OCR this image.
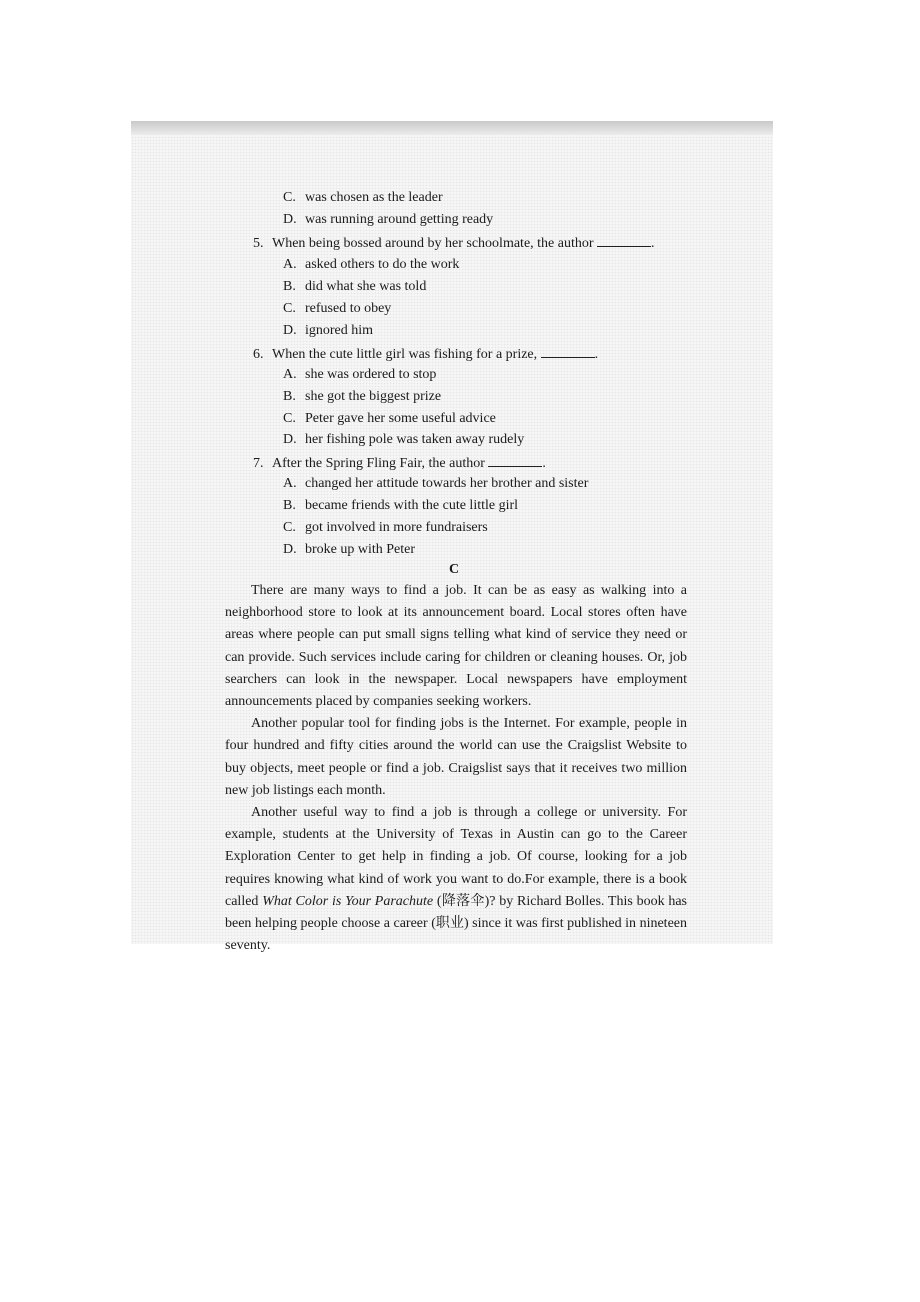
C. was chosen as the leader
D. was running around getting ready
5. When being bossed around by her schoolmate, the author	.
A. asked others to do the work
B. did what she was told
C. refused to obey
D. ignored him
6. When the cute little girl was fishing for a prize,	.
A. she was ordered to stop
B. she got the biggest prize
C. Peter gave her some useful advice
D. her fishing pole was taken away rudely
7. After the Spring Fling Fair, the author	.
A. changed her attitude towards her brother and sister
B. became friends with the cute little girl
C. got involved in more fundraisers
D. broke up with Peter
C

There are many ways to find a job. It can be as easy as walking into a neighborhood store to look at its announcement board. Local stores often have areas where people can put small signs telling what kind of service they need or can provide. Such services include caring for children or cleaning houses. Or, job searchers can look in the newspaper. Local newspapers have employment announcements placed by companies seeking workers.

Another popular tool for finding jobs is the Internet. For example, people in four hundred and fifty cities around the world can use the Craigslist Website to buy objects, meet people or find a job. Craigslist says that it receives two million new job listings each month.

Another useful way to find a job is through a college or university. For example, students at the University of Texas in Austin can go to the Career Exploration Center to get help in finding a job. Of course, looking for a job requires knowing what kind of work you want to do.For example, there is a book called What Color is Your Parachute (降落伞)? by Richard Bolles. This book has been helping people choose a career (职业) since it was first published in nineteen seventy.
